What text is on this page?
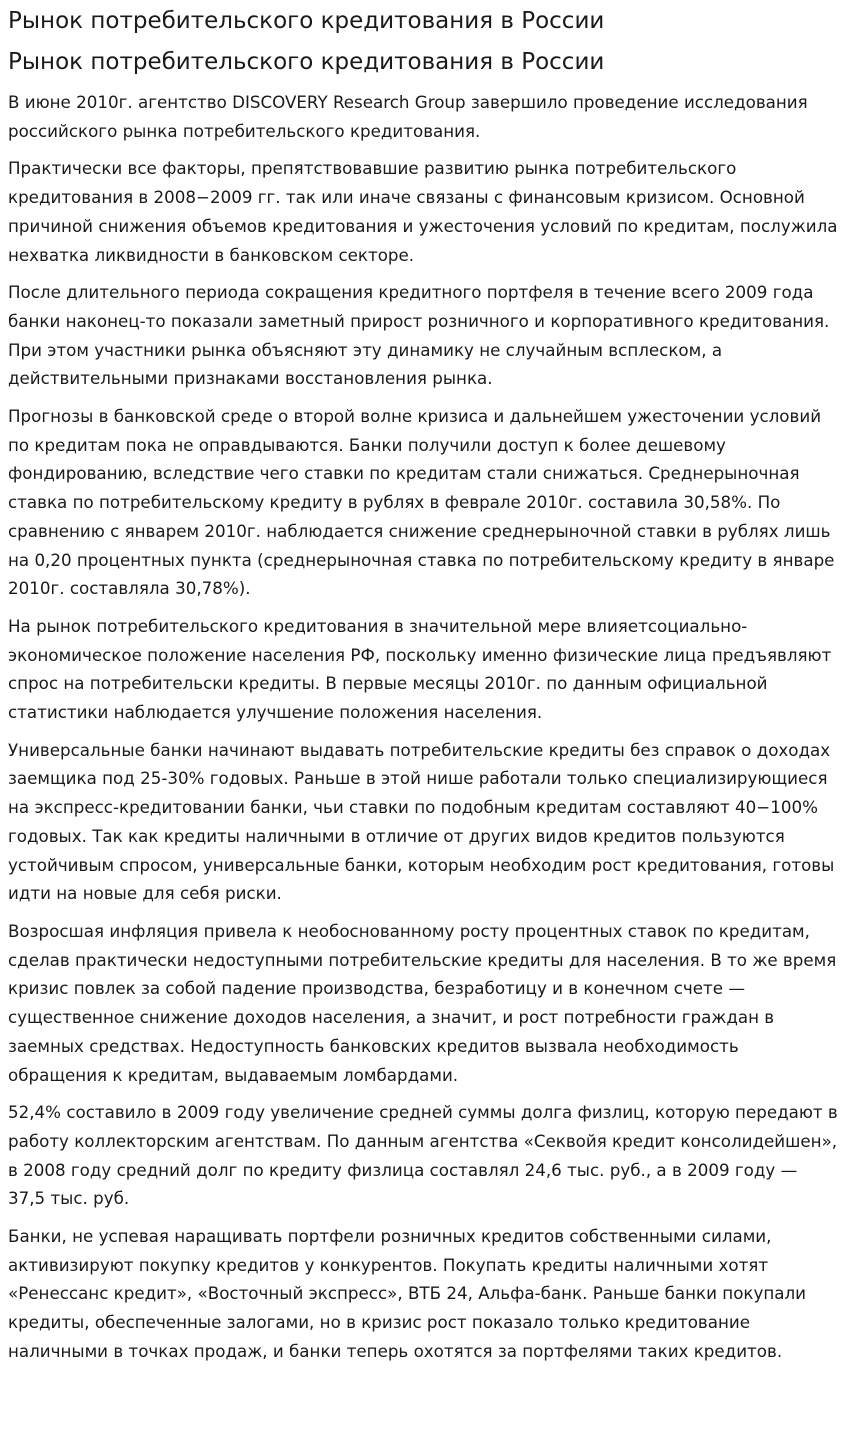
Рынок потребительского кредитования в России
Рынок потребительского кредитования в России

В июне 2010г. агентство DISCOVERY Research Group завершило проведение исследования российского рынка потребительского кредитования.

Практически все факторы, препятствовавшие развитию рынка потребительского кредитования в 2008−2009 гг. так или иначе связаны с финансовым кризисом. Основной причиной снижения объемов кредитования и ужесточения условий по кредитам, послужила нехватка ликвидности в банковском секторе.

После длительного периода сокращения кредитного портфеля в течение всего 2009 года банки наконец-то показали заметный прирост розничного и корпоративного кредитования. При этом участники рынка объясняют эту динамику не случайным всплеском, а действительными признаками восстановления рынка.

Прогнозы в банковской среде о второй волне кризиса и дальнейшем ужесточении условий по кредитам пока не оправдываются. Банки получили доступ к более дешевому фондированию, вследствие чего ставки по кредитам стали снижаться. Среднерыночная ставка по потребительскому кредиту в рублях в феврале 2010г. составила 30,58%. По сравнению с январем 2010г. наблюдается снижение среднерыночной ставки в рублях лишь на 0,20 процентных пункта (среднерыночная ставка по потребительскому кредиту в январе 2010г. составляла 30,78%).

На рынок потребительского кредитования в значительной мере влияетсоциально-экономическое положение населения РФ, поскольку именно физические лица предъявляют спрос на потребительски кредиты. В первые месяцы 2010г. по данным официальной статистики наблюдается улучшение положения населения.

Универсальные банки начинают выдавать потребительские кредиты без справок о доходах заемщика под 25-30% годовых. Раньше в этой нише работали только специализирующиеся на экспресс-кредитовании банки, чьи ставки по подобным кредитам составляют 40−100% годовых. Так как кредиты наличными в отличие от других видов кредитов пользуются устойчивым спросом, универсальные банки, которым необходим рост кредитования, готовы идти на новые для себя риски.

Возросшая инфляция привела к необоснованному росту процентных ставок по кредитам, сделав практически недоступными потребительские кредиты для населения. В то же время кризис повлек за собой падение производства, безработицу и в конечном счете — существенное снижение доходов населения, а значит, и рост потребности граждан в заемных средствах. Недоступность банковских кредитов вызвала необходимость обращения к кредитам, выдаваемым ломбардами.

52,4% составило в 2009 году увеличение средней суммы долга физлиц, которую передают в работу коллекторским агентствам. По данным агентства «Секвойя кредит консолидейшен», в 2008 году средний долг по кредиту физлица составлял 24,6 тыс. руб., а в 2009 году — 37,5 тыс. руб.

Банки, не успевая наращивать портфели розничных кредитов собственными силами, активизируют покупку кредитов у конкурентов. Покупать кредиты наличными хотят «Ренессанс кредит», «Восточный экспресс», ВТБ 24, Альфа-банк. Раньше банки покупали кредиты, обеспеченные залогами, но в кризис рост показало только кредитование наличными в точках продаж, и банки теперь охотятся за портфелями таких кредитов.
